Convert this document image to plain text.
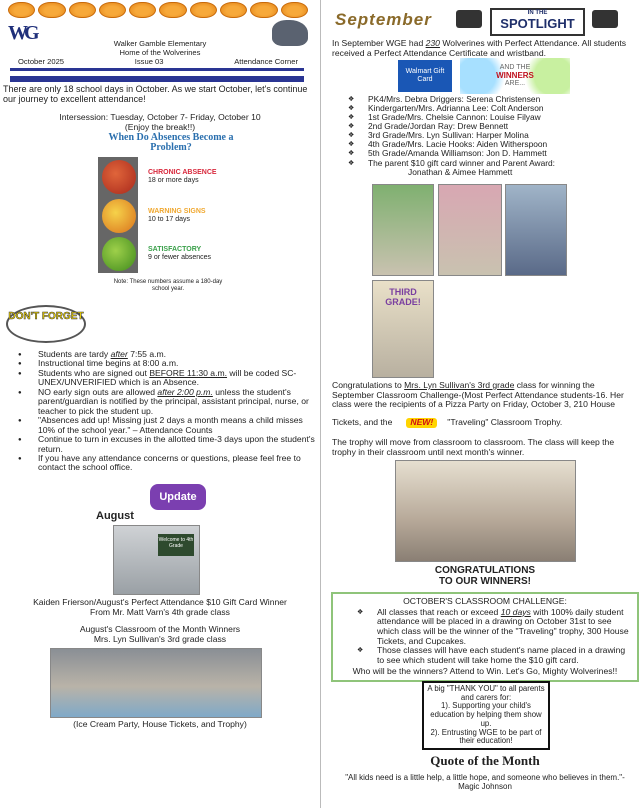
WG	Walker Gamble Elementary
Home of the Wolverines
October 2025	Issue 03	Attendance Corner

There are only 18 school days in October. As we start October, let's continue our journey to excellent attendance!

Intersession: Tuesday, October 7- Friday, October 10
(Enjoy the break!!)
When Do Absences Become a Problem?
CHRONIC ABSENCE
18 or more days
WARNING SIGNS
10 to 17 days
SATISFACTORY
9 or fewer absences
Note: These numbers assume a 180-day school year.
DON'T FORGET
● Students are tardy after 7:55 a.m.
● Instructional time begins at 8:00 a.m.
● Students who are signed out BEFORE 11:30 a.m. will be coded SC-UNEX/UNVERIFIED which is an Absence.
● NO early sign outs are allowed after 2:00 p.m. unless the student's parent/guardian is notified by the principal, assistant principal, nurse, or teacher to pick the student up.
● "Absences add up! Missing just 2 days a month means a child misses 10% of the school year." – Attendance Counts
● Continue to turn in excuses in the allotted time-3 days upon the student's return.
● If you have any attendance concerns or questions, please feel free to contact the school office.
August
Update
Welcome to 4th Grade
Kaiden Frierson/August's Perfect Attendance $10 Gift Card Winner
From Mr. Matt Varn's 4th grade class
August's Classroom of the Month Winners
Mrs. Lyn Sullivan's 3rd grade class
(Ice Cream Party, House Tickets, and Trophy)
September	IN THE
SPOTLIGHT

In September WGE had 230 Wolverines with Perfect Attendance. All students received a Perfect Attendance Certificate and wristband.

Walmart Gift Card
AND THE
WINNERS
ARE...
❖ PK4/Mrs. Debra Driggers: Serena Christensen
❖ Kindergarten/Mrs. Adrianna Lee: Colt Anderson
❖ 1st Grade/Mrs. Chelsie Cannon: Louise Filyaw
❖ 2nd Grade/Jordan Ray: Drew Bennett
❖ 3rd Grade/Mrs. Lyn Sullivan: Harper Molina
❖ 4th Grade/Mrs. Lacie Hooks: Aiden Witherspoon
❖ 5th Grade/Amanda Williamson: Jon D. Hammett
❖ The parent $10 gift card winner and Parent Award:
Jonathan & Aimee Hammett
THIRD GRADE!

Congratulations to Mrs. Lyn Sullivan's 3rd grade class for winning the September Classroom Challenge-(Most Perfect Attendance students-16. Her class were the recipients of a Pizza Party on Friday, October 3, 210 House

Tickets, and the NEW! "Traveling" Classroom Trophy.

The trophy will move from classroom to classroom. The class will keep the trophy in their classroom until next month's winner.

CONGRATULATIONS
TO OUR WINNERS!
OCTOBER'S CLASSROOM CHALLENGE:
❖ All classes that reach or exceed 10 days with 100% daily student attendance will be placed in a drawing on October 31st to see which class will be the winner of the "Traveling" trophy, 300 House Tickets, and Cupcakes.
❖ Those classes will have each student's name placed in a drawing to see which student will take home the $10 gift card.
Who will be the winners? Attend to Win. Let's Go, Mighty Wolverines!!
A big "THANK YOU" to all parents and carers for:
1). Supporting your child's education by helping them show up.
2). Entrusting WGE to be part of their education!
Quote of the Month
"All kids need is a little help, a little hope, and someone who believes in them."-
Magic Johnson
